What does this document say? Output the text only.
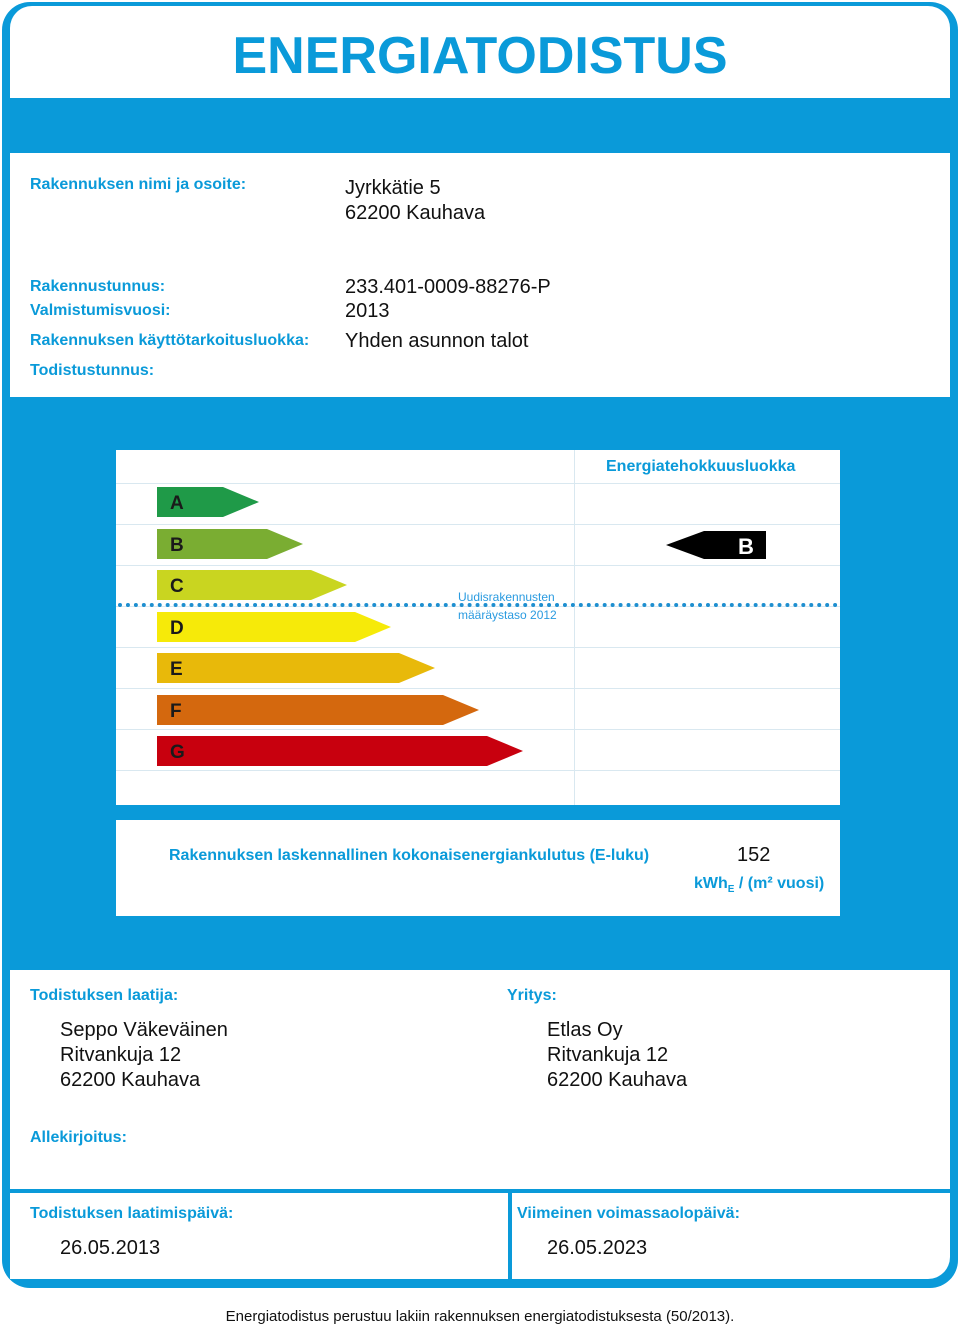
ENERGIATODISTUS
Rakennuksen nimi ja osoite:	Jyrkkätie 5
62200 Kauhava
Rakennustunnus:	233.401-0009-88276-P
Valmistumisvuosi:	2013
Rakennuksen käyttötarkoitusluokka: Yhden asunnon talot
Todistustunnus:
Energiatehokkuusluokka
A
B
C
D
E
F
G
Uudisrakennusten
määräystaso 2012
B
Rakennuksen laskennallinen kokonaisenergiankulutus (E-luku)	152
kWh$_E$ / (m² vuosi)
Todistuksen laatija:
Seppo Väkeväinen
Ritvankuja 12
62200 Kauhava
Yritys:
Etlas Oy
Ritvankuja 12
62200 Kauhava
Allekirjoitus:
Todistuksen laatimispäivä:
26.05.2013
Viimeinen voimassaolopäivä:
26.05.2023
Energiatodistus perustuu lakiin rakennuksen energiatodistuksesta (50/2013).
